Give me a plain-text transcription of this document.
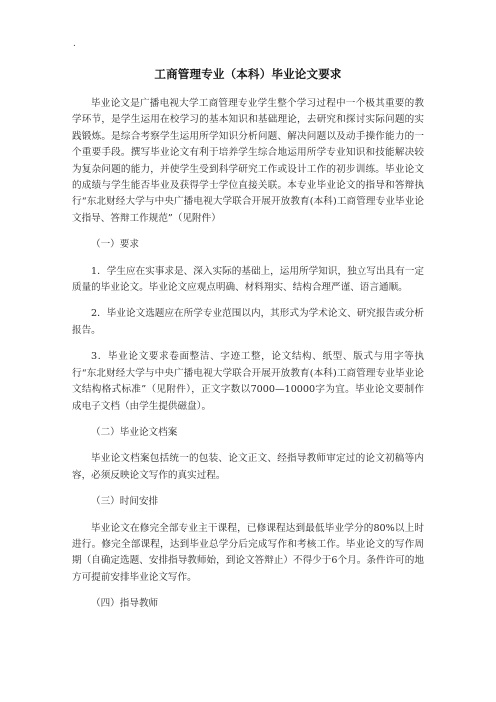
.
工商管理专业（本科）毕业论文要求

毕业论文是广播电视大学工商管理专业学生整个学习过程中一个极其重要的教学环节，是学生运用在校学习的基本知识和基础理论，去研究和探讨实际问题的实践锻炼。是综合考察学生运用所学知识分析问题、解决问题以及动手操作能力的一个重要手段。撰写毕业论文有利于培养学生综合地运用所学专业知识和技能解决较为复杂问题的能力，并使学生受到科学研究工作或设计工作的初步训练。毕业论文的成绩与学生能否毕业及获得学士学位直接关联。本专业毕业论文的指导和答辩执行“东北财经大学与中央广播电视大学联合开展开放教育(本科)工商管理专业毕业论文指导、答辩工作规范”（见附件）

（一）要求

1．学生应在实事求是、深入实际的基础上，运用所学知识，独立写出具有一定质量的毕业论文。毕业论文应观点明确、材料翔实、结构合理严谨、语言通顺。

2．毕业论文选题应在所学专业范围以内，其形式为学术论文、研究报告或分析报告。

3．毕业论文要求卷面整洁、字迹工整，论文结构、纸型、版式与用字等执行“东北财经大学与中央广播电视大学联合开展开放教育(本科)工商管理专业毕业论文结构格式标准”（见附件），正文字数以7000—10000字为宜。毕业论文要制作成电子文档（由学生提供磁盘）。

（二）毕业论文档案

毕业论文档案包括统一的包装、论文正文、经指导教师审定过的论文初稿等内容，必须反映论文写作的真实过程。

（三）时间安排

毕业论文在修完全部专业主干课程，已修课程达到最低毕业学分的80%以上时进行。修完全部课程，达到毕业总学分后完成写作和考核工作。毕业论文的写作周期（自确定选题、安排指导教师始，到论文答辩止）不得少于6个月。条件许可的地方可提前安排毕业论文写作。

（四）指导教师
